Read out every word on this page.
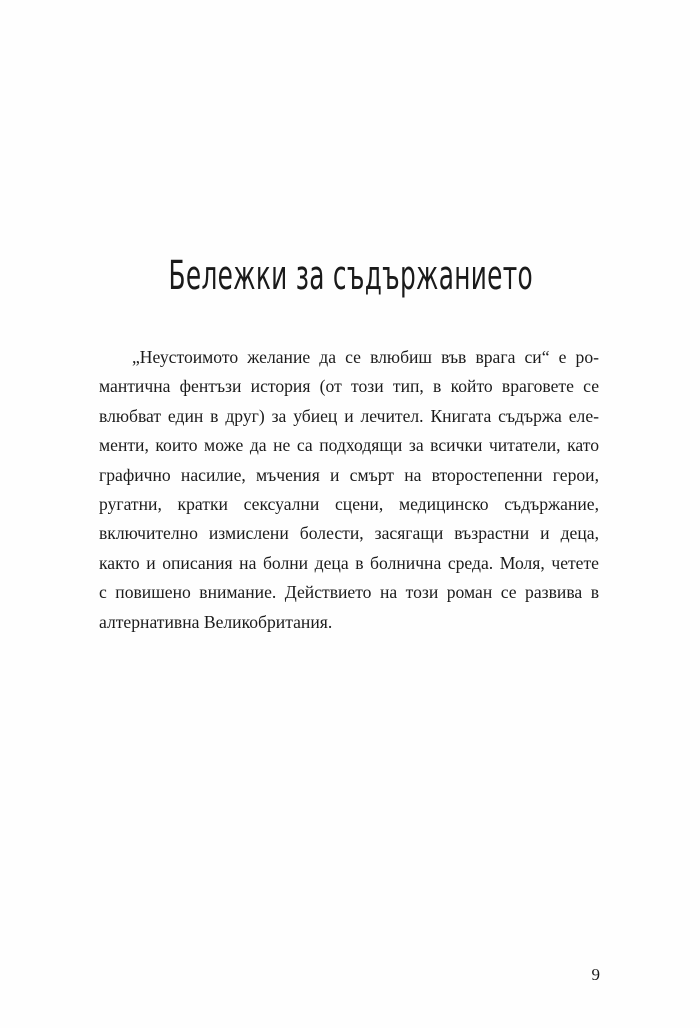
Бележки за съдържанието
„Неустоимото желание да се влюбиш във врага си“ е ро-
мантична фентъзи история (от този тип, в който враговете се
влюбват един в друг) за убиец и лечител. Книгата съдържа еле-
менти, които може да не са подходящи за всички читатели, като
графично насилие, мъчения и смърт на второстепенни герои,
ругатни, кратки сексуални сцени, медицинско съдържание,
включително измислени болести, засягащи възрастни и деца,
както и описания на болни деца в болнична среда. Моля, четете
с повишено внимание. Действието на този роман се развива в
алтернативна Великобритания.

9
